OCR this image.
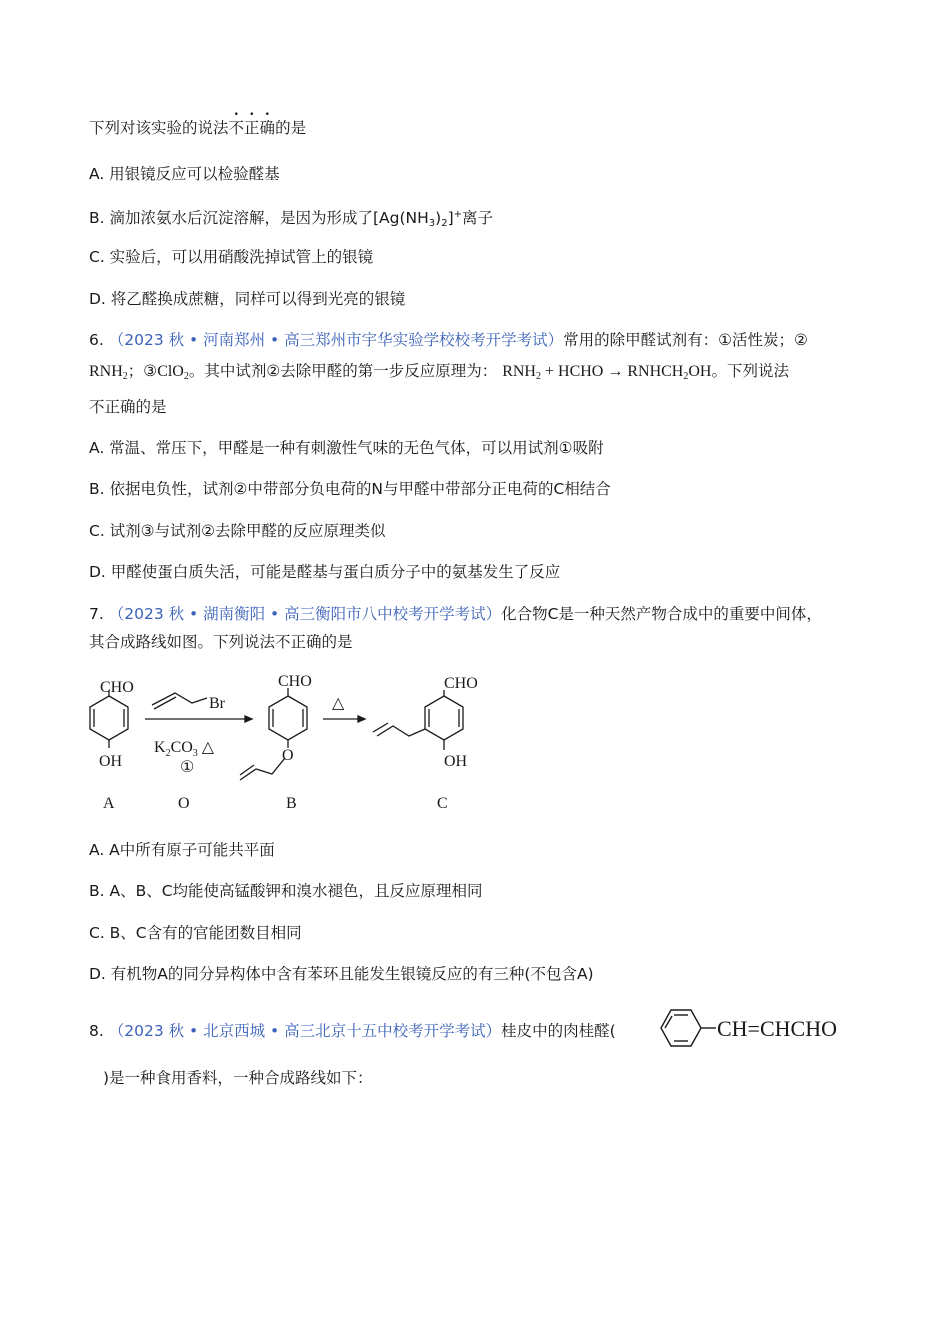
下列对该实验的说法不正确的是
A. 用银镜反应可以检验醛基
B. 滴加浓氨水后沉淀溶解，是因为形成了$[Ag(NH_3)_2]^+$离子
C. 实验后，可以用硝酸洗掉试管上的银镜
D. 将乙醛换成蔗糖，同样可以得到光亮的银镜
6. （2023 秋 • 河南郑州 • 高三郑州市宇华实验学校校考开学考试）常用的除甲醛试剂有：①活性炭；②
$RNH_2$；③ClO$_2$。其中试剂②去除甲醛的第一步反应原理为： $RNH_2$ + HCHO → $RNHCH_2OH$。下列说法
不正确的是
A. 常温、常压下，甲醛是一种有刺激性气味的无色气体，可以用试剂①吸附
B. 依据电负性，试剂②中带部分负电荷的N与甲醛中带部分正电荷的C相结合
C. 试剂③与试剂②去除甲醛的反应原理类似
D. 甲醛使蛋白质失活，可能是醛基与蛋白质分子中的氨基发生了反应
7. （2023 秋 • 湖南衡阳 • 高三衡阳市八中校考开学考试）化合物C是一种天然产物合成中的重要中间体，
其合成路线如图。下列说法不正确的是
CHO
OH
A
Br
$K_2CO_3$ △
①
O
CHO
O
B
△
CHO
OH
C
A. A中所有原子可能共平面
B. A、B、C均能使高锰酸钾和溴水褪色，且反应原理相同
C. B、C含有的官能团数目相同
D. 有机物A的同分异构体中含有苯环且能发生银镜反应的有三种(不包含A)
8. （2023 秋 • 北京西城 • 高三北京十五中校考开学考试）桂皮中的肉桂醛(	CH=CHCHO
)是一种食用香料，一种合成路线如下：
